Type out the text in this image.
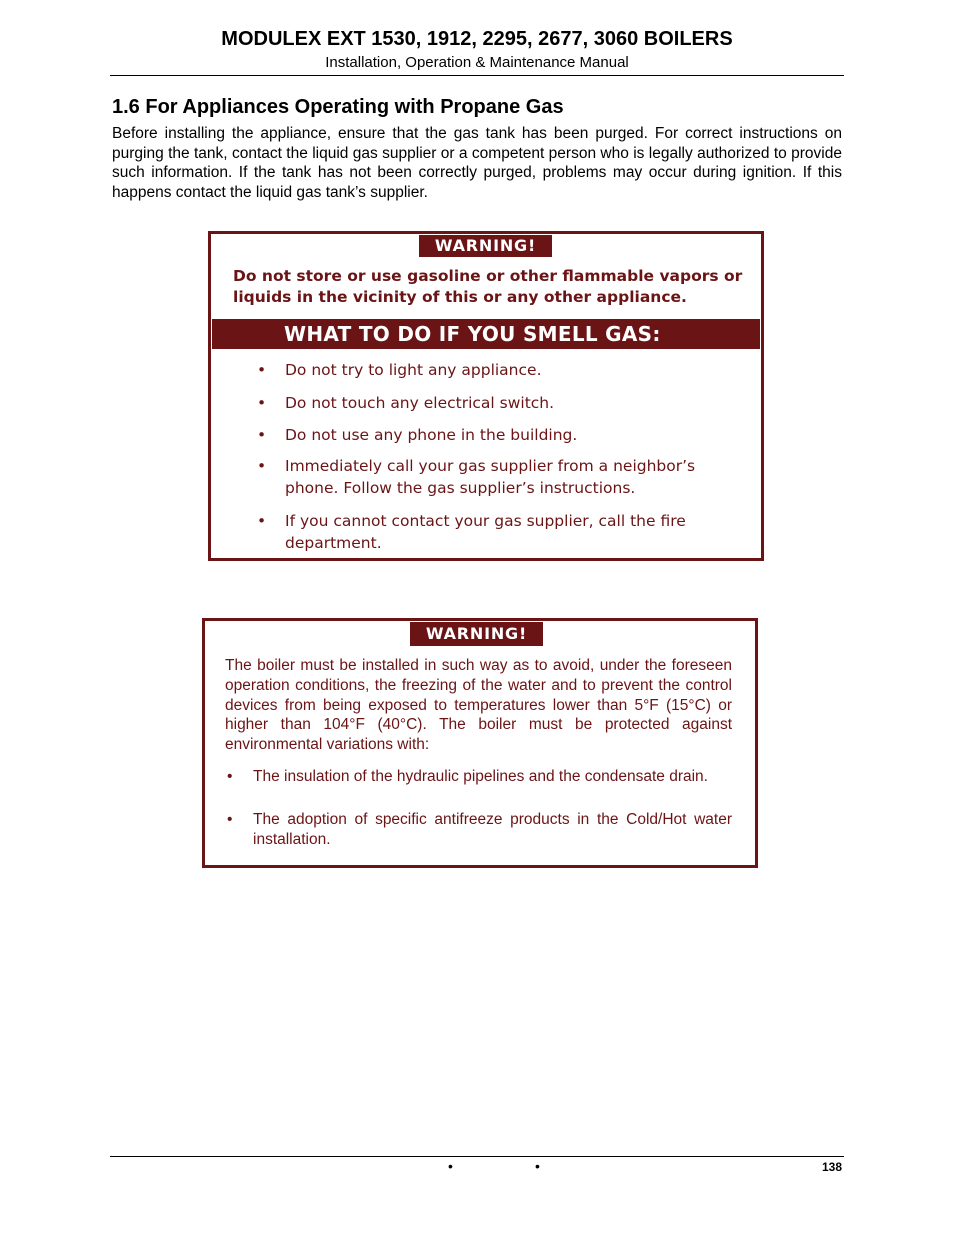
MODULEX EXT 1530, 1912, 2295, 2677, 3060 BOILERS
Installation, Operation & Maintenance Manual
1.6 For Appliances Operating with Propane Gas

Before installing the appliance, ensure that the gas tank has been purged. For correct instructions on purging the tank, contact the liquid gas supplier or a competent person who is legally authorized to provide such information. If the tank has not been correctly purged, problems may occur during ignition. If this happens contact the liquid gas tank’s supplier.

WARNING!

Do not store or use gasoline or other flammable vapors or liquids in the vicinity of this or any other appliance.

WHAT TO DO IF YOU SMELL GAS:
• Do not try to light any appliance.
• Do not touch any electrical switch.
• Do not use any phone in the building.
• Immediately call your gas supplier from a neighbor’s phone. Follow the gas supplier’s instructions.
• If you cannot contact your gas supplier, call the fire department.
WARNING!

The boiler must be installed in such way as to avoid, under the foreseen operation conditions, the freezing of the water and to prevent the control devices from being exposed to temperatures lower than 5°F (15°C) or higher than 104°F (40°C). The boiler must be protected against environmental variations with:

• The insulation of the hydraulic pipelines and the condensate drain.
• The adoption of specific antifreeze products in the Cold/Hot water installation.
•	•	138
